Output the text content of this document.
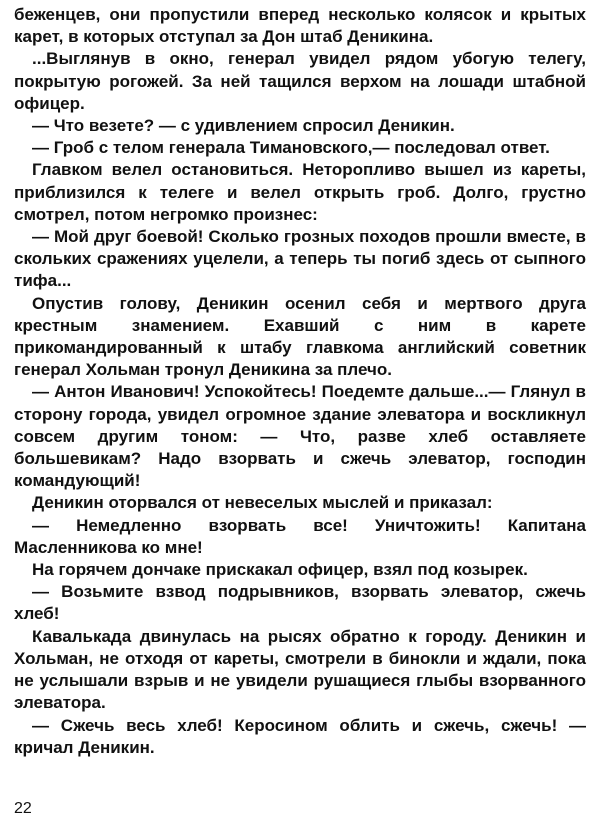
беженцев, они пропустили вперед несколько колясок и крытых карет, в которых отступал за Дон штаб Деникина.

...Выглянув в окно, генерал увидел рядом убогую телегу, покрытую рогожей. За ней тащился верхом на лошади штабной офицер.

— Что везете? — с удивлением спросил Деникин.

— Гроб с телом генерала Тимановского,— последовал ответ.

Главком велел остановиться. Неторопливо вышел из кареты, приблизился к телеге и велел открыть гроб. Долго, грустно смотрел, потом негромко произнес:

— Мой друг боевой! Сколько грозных походов прошли вместе, в скольких сражениях уцелели, а теперь ты погиб здесь от сыпного тифа...

Опустив голову, Деникин осенил себя и мертвого друга крестным знамением. Ехавший с ним в карете прикомандированный к штабу главкома английский советник генерал Хольман тронул Деникина за плечо.

— Антон Иванович! Успокойтесь! Поедемте дальше...— Глянул в сторону города, увидел огромное здание элеватора и воскликнул совсем другим тоном: — Что, разве хлеб оставляете большевикам? Надо взорвать и сжечь элеватор, господин командующий!

Деникин оторвался от невеселых мыслей и приказал:

— Немедленно взорвать все! Уничтожить! Капитана Масленникова ко мне!

На горячем дончаке прискакал офицер, взял под козырек.

— Возьмите взвод подрывников, взорвать элеватор, сжечь хлеб!

Кавалькада двинулась на рысях обратно к городу. Деникин и Хольман, не отходя от кареты, смотрели в бинокли и ждали, пока не услышали взрыв и не увидели рушащиеся глыбы взорванного элеватора.

— Сжечь весь хлеб! Керосином облить и сжечь, сжечь! — кричал Деникин.

22
